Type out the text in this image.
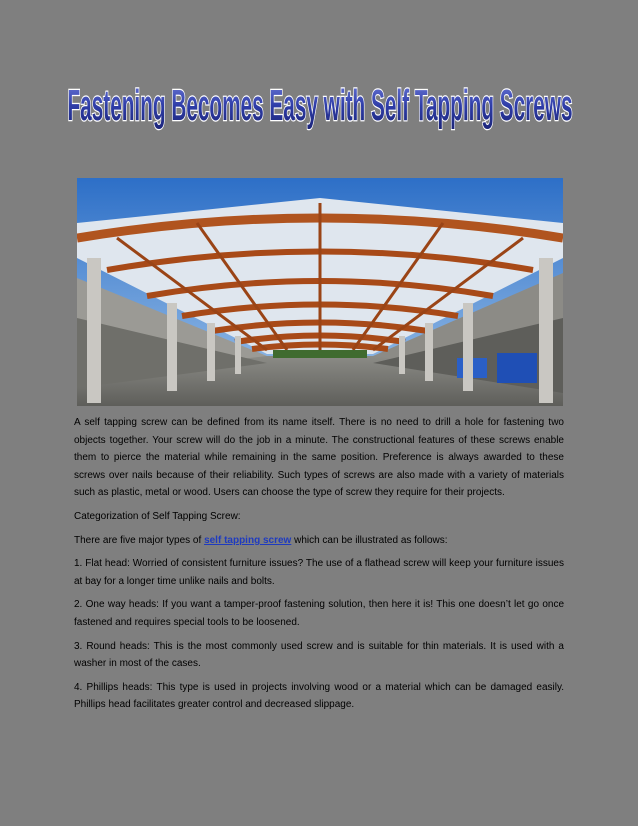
Fastening Becomes Easy with Self Tapping Screws

A self tapping screw can be defined from its name itself. There is no need to drill a hole for fastening two objects together. Your screw will do the job in a minute. The constructional features of these screws enable them to pierce the material while remaining in the same position. Preference is always awarded to these screws over nails because of their reliability. Such types of screws are also made with a variety of materials such as plastic, metal or wood. Users can choose the type of screw they require for their projects.

Categorization of Self Tapping Screw:

There are five major types of self tapping screw which can be illustrated as follows:

1. Flat head: Worried of consistent furniture issues? The use of a flathead screw will keep your furniture issues at bay for a longer time unlike nails and bolts.

2. One way heads: If you want a tamper-proof fastening solution, then here it is! This one doesn’t let go once fastened and requires special tools to be loosened.

3. Round heads: This is the most commonly used screw and is suitable for thin materials. It is used with a washer in most of the cases.

4. Phillips heads: This type is used in projects involving wood or a material which can be damaged easily. Phillips head facilitates greater control and decreased slippage.
